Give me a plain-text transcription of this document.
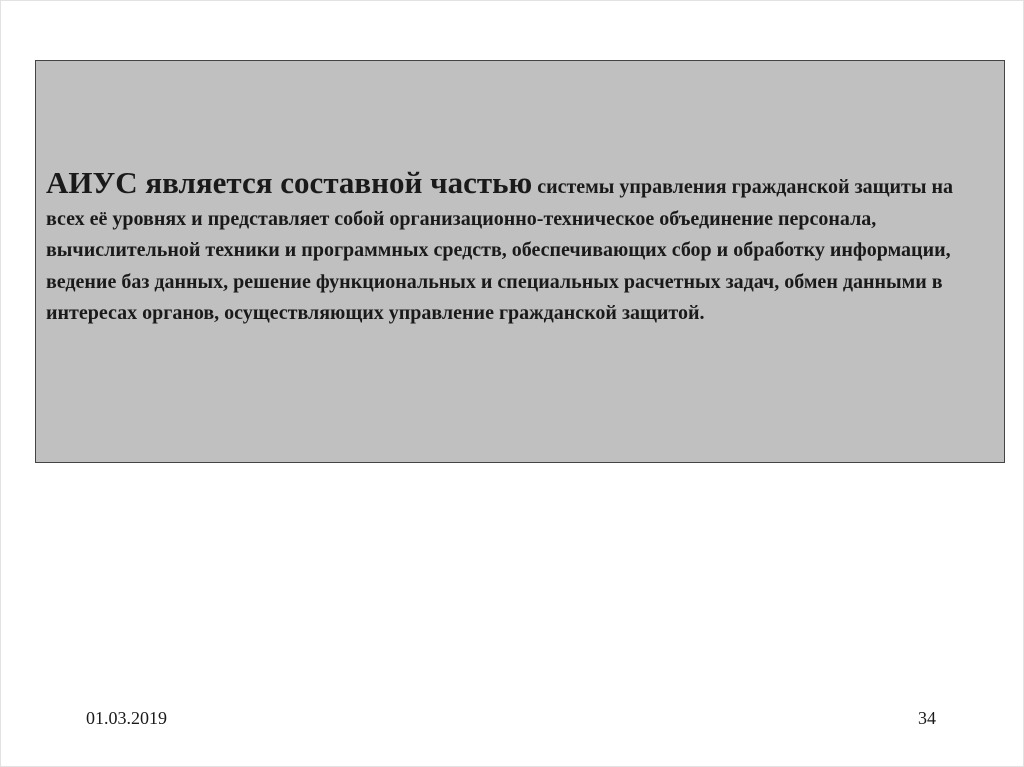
АИУС является составной частью системы управления гражданской защиты на всех её уровнях и представляет собой организационно-техническое объединение персонала, вычислительной техники и программных средств, обеспечивающих сбор и обработку информации, ведение баз данных, решение функциональных и специальных расчетных задач, обмен данными в интересах органов, осуществляющих управление гражданской защитой.

01.03.2019	34
